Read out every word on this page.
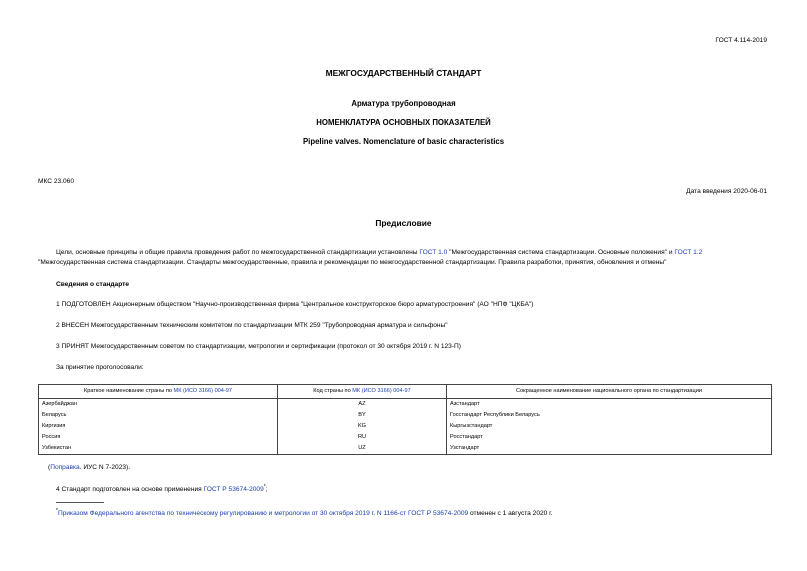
ГОСТ 4.114-2019
МЕЖГОСУДАРСТВЕННЫЙ СТАНДАРТ
Арматура трубопроводная
НОМЕНКЛАТУРА ОСНОВНЫХ ПОКАЗАТЕЛЕЙ
Pipeline valves. Nomenclature of basic characteristics
МКС 23.060
Дата введения 2020-06-01
Предисловие
Цели, основные принципы и общие правила проведения работ по межгосударственной стандартизации установлены ГОСТ 1.0 "Межгосударственная система стандартизации. Основные положения" и ГОСТ 1.2
"Межгосударственная система стандартизации. Стандарты межгосударственные, правила и рекомендации по межгосударственной стандартизации. Правила разработки, принятия, обновления и отмены"
Сведения о стандарте
1 ПОДГОТОВЛЕН Акционерным обществом "Научно-производственная фирма "Центральное конструкторское бюро арматуростроения" (АО "НПФ "ЦКБА")
2 ВНЕСЕН Межгосударственным техническим комитетом по стандартизации МТК 259 "Трубопроводная арматура и сильфоны"
3 ПРИНЯТ Межгосударственным советом по стандартизации, метрологии и сертификации (протокол от 30 октября 2019 г. N 123-П)
За принятие проголосовали:
Краткое наименование страны по МК (ИСО 3166) 004-97	Код страны по МК (ИСО 3166) 004-97	Сокращенное наименование национального органа по стандартизации
Азербайджан	AZ	Азстандарт
Беларусь	BY	Госстандарт Республики Беларусь
Киргизия	KG	Кыргызстандарт
Россия	RU	Росстандарт
Узбекистан	UZ	Узстандарт
(Поправка. ИУС N 7-2023).
4 Стандарт подготовлен на основе применения ГОСТ Р 53674-2009*;
*Приказом Федерального агентства по техническому регулированию и метрологии от 30 октября 2019 г. N 1166-ст ГОСТ Р 53674-2009 отменен с 1 августа 2020 г.
